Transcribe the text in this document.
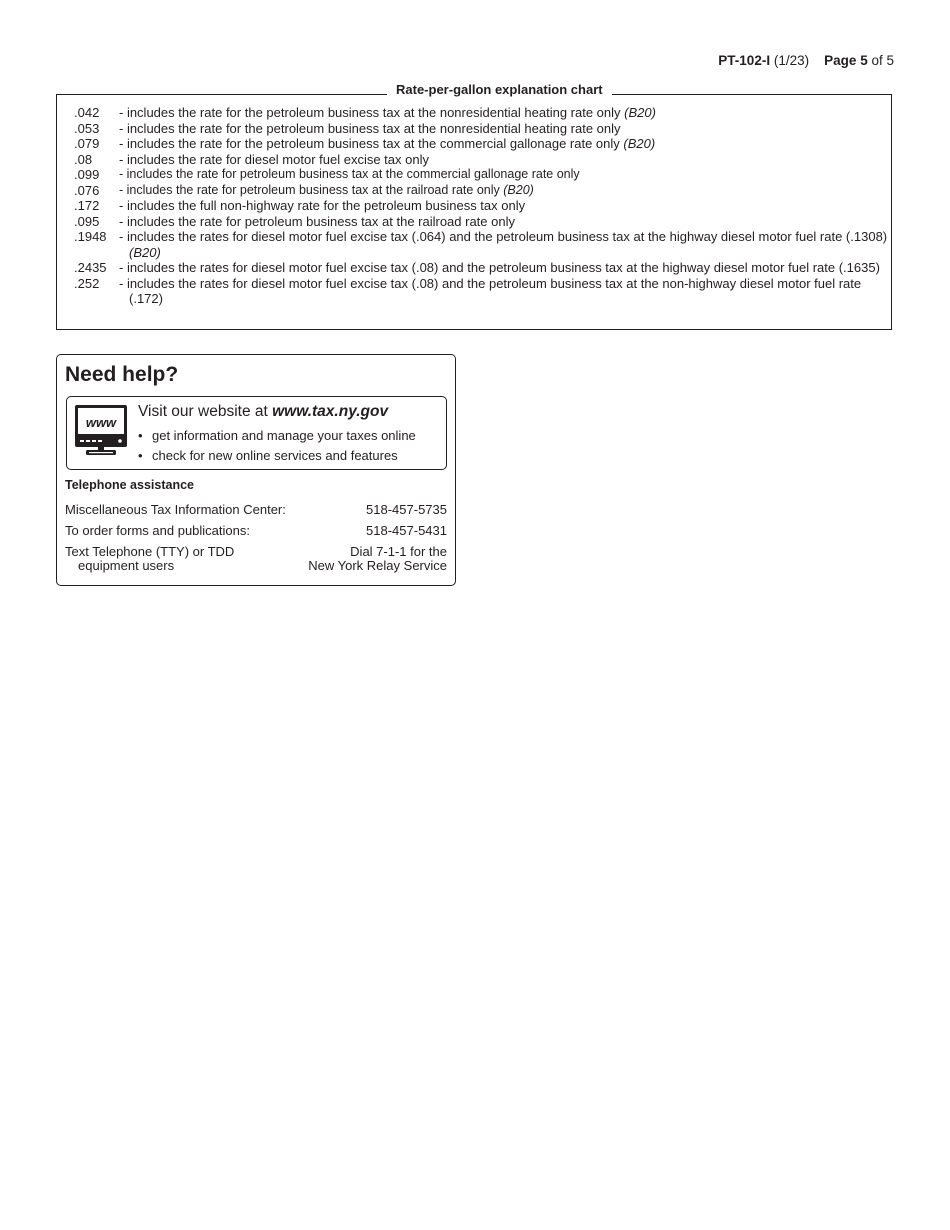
PT-102-I (1/23) Page 5 of 5
Rate-per-gallon explanation chart
.042 - includes the rate for the petroleum business tax at the nonresidential heating rate only (B20)
.053 - includes the rate for the petroleum business tax at the nonresidential heating rate only
.079 - includes the rate for the petroleum business tax at the commercial gallonage rate only (B20)
.08 - includes the rate for diesel motor fuel excise tax only
.099 - includes the rate for petroleum business tax at the commercial gallonage rate only
.076 - includes the rate for petroleum business tax at the railroad rate only (B20)
.172 - includes the full non-highway rate for the petroleum business tax only
.095 - includes the rate for petroleum business tax at the railroad rate only
.1948 - includes the rates for diesel motor fuel excise tax (.064) and the petroleum business tax at the highway diesel motor fuel rate (.1308) (B20)
.2435 - includes the rates for diesel motor fuel excise tax (.08) and the petroleum business tax at the highway diesel motor fuel rate (.1635)
.252 - includes the rates for diesel motor fuel excise tax (.08) and the petroleum business tax at the non-highway diesel motor fuel rate (.172)
Need help?
www
Visit our website at www.tax.ny.gov
• get information and manage your taxes online
• check for new online services and features
Telephone assistance
Miscellaneous Tax Information Center:	518-457-5735
To order forms and publications:	518-457-5431
Text Telephone (TTY) or TDD
equipment users
Dial 7-1-1 for the
New York Relay Service
